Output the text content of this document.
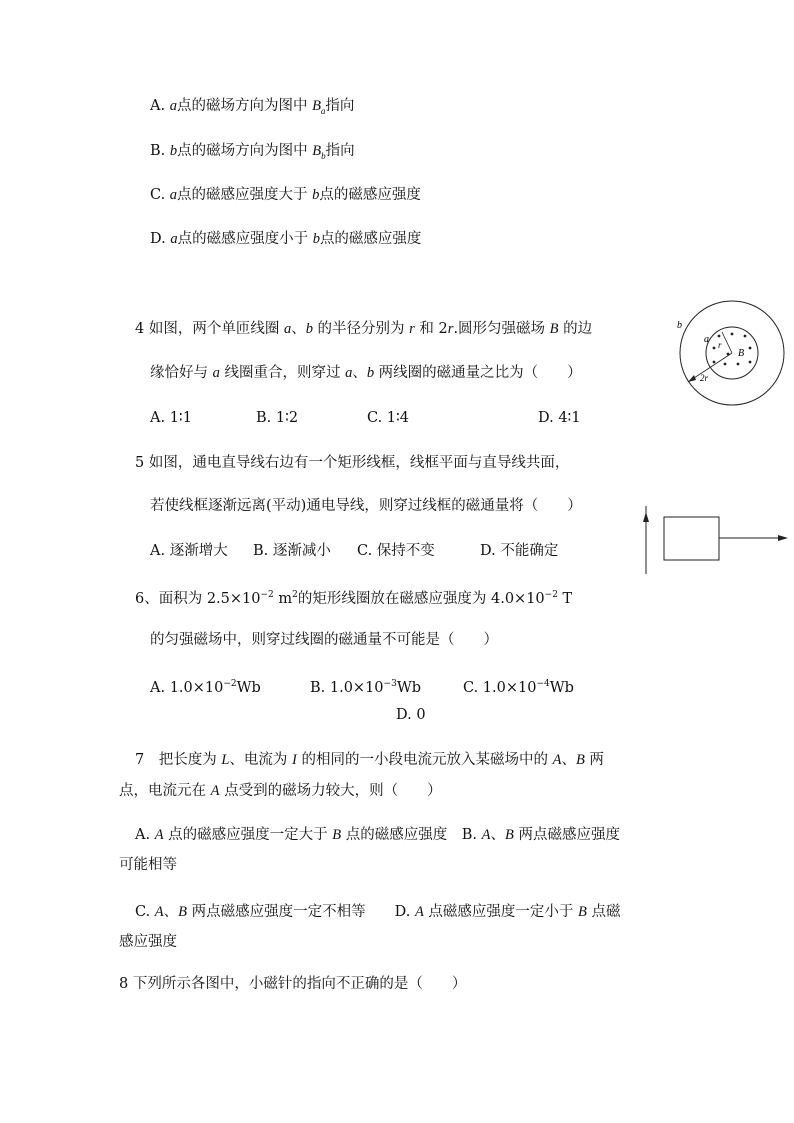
A. a点的磁场方向为图中 $B_a$指向
B. b点的磁场方向为图中 $B_b$指向
C. a点的磁感应强度大于 b点的磁感应强度
D. a点的磁感应强度小于 b点的磁感应强度
4 如图，两个单匝线圈 a、b 的半径分别为 r 和 2r.圆形匀强磁场 B 的边
缘恰好与 a 线圈重合，则穿过 a、b 两线圈的磁通量之比为（　　）
A. 1∶1	B. 1∶2	C. 1∶4	D. 4∶1
b
a r
B
2r
5 如图，通电直导线右边有一个矩形线框，线框平面与直导线共面，
若使线框逐渐远离(平动)通电导线，则穿过线框的磁通量将（　　）
A. 逐渐增大 B. 逐渐减小 C. 保持不变	D. 不能确定
6、面积为 $2.5\times 10^{-2}$ $m^2$的矩形线圈放在磁感应强度为 $4.0\times 10^{-2}$ T
的匀强磁场中，则穿过线圈的磁通量不可能是（　　）
A. $1.0\times 10^{-2}Wb$	B. $1.0\times 10^{-3}Wb$	C. $1.0\times 10^{-4}Wb$
D. 0
7　把长度为 L、电流为 I 的相同的一小段电流元放入某磁场中的 A、B 两
点，电流元在 A 点受到的磁场力较大，则（　　）
A. A 点的磁感应强度一定大于 B 点的磁感应强度　B. A、B 两点磁感应强度
可能相等
C. A、B 两点磁感应强度一定不相等　　D. A 点磁感应强度一定小于 B 点磁
感应强度
8 下列所示各图中，小磁针的指向不正确的是（　　）
